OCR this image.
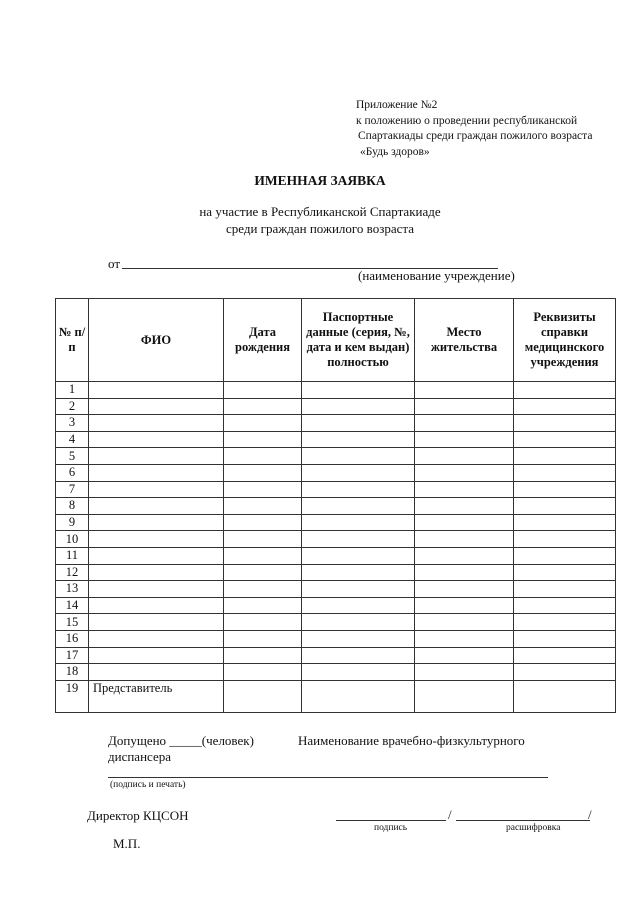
Приложение №2
к положению о проведении республиканской
Спартакиады среди граждан пожилого возраста
«Будь здоров»
ИМЕННАЯ ЗАЯВКА
на участие в Республиканской Спартакиаде
среди граждан пожилого возраста
от
(наименование учреждение)
№ п/п	ФИО	Дата рождения	Паспортные данные (серия, №, дата и кем выдан) полностью	Место жительства	Реквизиты справки медицинского учреждения
1					
2					
3					
4					
5					
6					
7					
8					
9					
10					
11					
12					
13					
14					
15					
16					
17					
18					
19	Представитель				
Допущено _____(человек)
диспансера
Наименование врачебно-физкультурного
(подпись и печать)
Директор КЦСОН	/	/
подпись	расшифровка
М.П.
